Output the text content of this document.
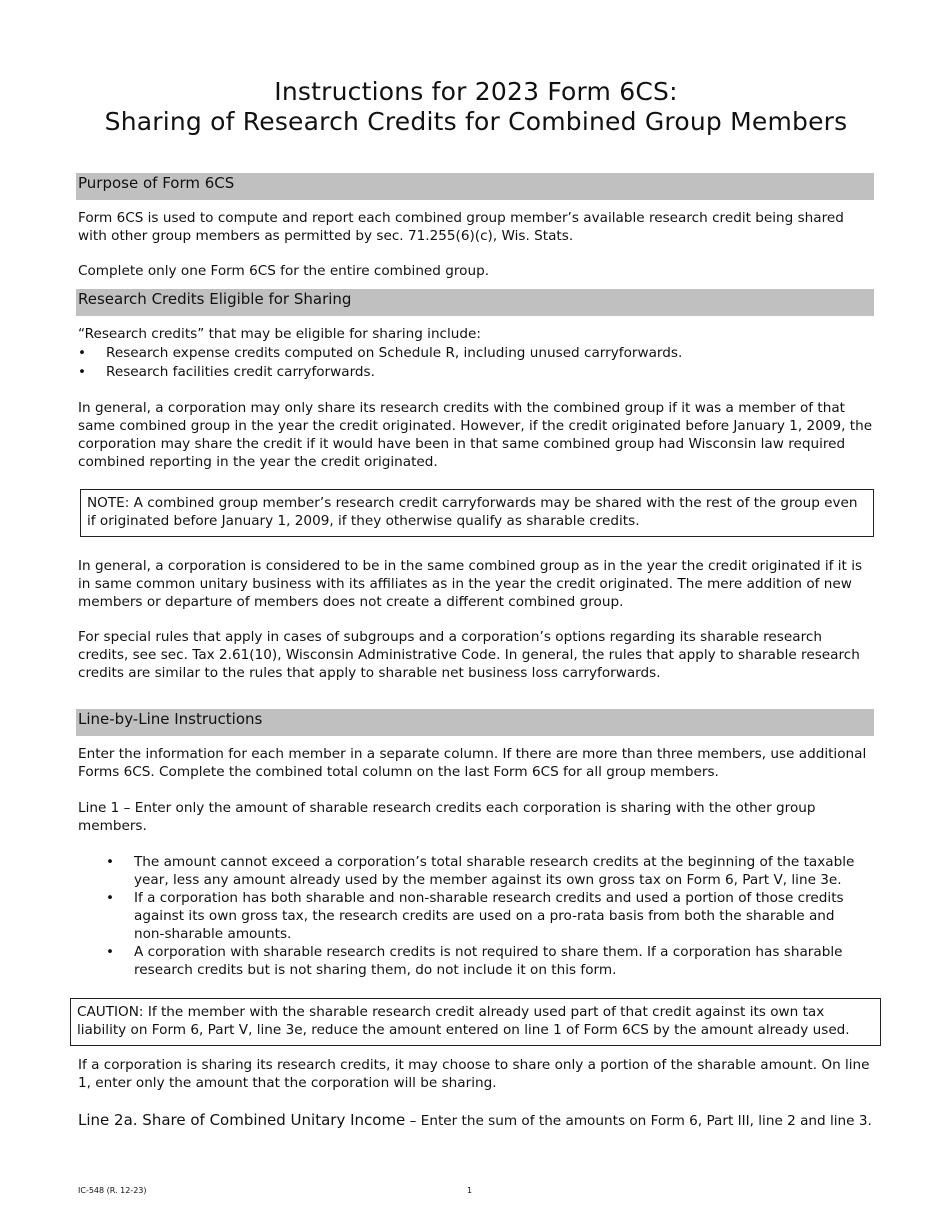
Instructions for 2023 Form 6CS:
Sharing of Research Credits for Combined Group Members
Purpose of Form 6CS

Form 6CS is used to compute and report each combined group member’s available research credit being shared with other group members as permitted by sec. 71.255(6)(c), Wis. Stats.

Complete only one Form 6CS for the entire combined group.

Research Credits Eligible for Sharing

“Research credits” that may be eligible for sharing include:

• Research expense credits computed on Schedule R, including unused carryforwards.
• Research facilities credit carryforwards.

In general, a corporation may only share its research credits with the combined group if it was a member of that same combined group in the year the credit originated. However, if the credit originated before January 1, 2009, the corporation may share the credit if it would have been in that same combined group had Wisconsin law required combined reporting in the year the credit originated.

NOTE: A combined group member’s research credit carryforwards may be shared with the rest of the group even if originated before January 1, 2009, if they otherwise qualify as sharable credits.

In general, a corporation is considered to be in the same combined group as in the year the credit originated if it is in same common unitary business with its affiliates as in the year the credit originated. The mere addition of new members or departure of members does not create a different combined group.

For special rules that apply in cases of subgroups and a corporation’s options regarding its sharable research credits, see sec. Tax 2.61(10), Wisconsin Administrative Code. In general, the rules that apply to sharable research credits are similar to the rules that apply to sharable net business loss carryforwards.

Line-by-Line Instructions

Enter the information for each member in a separate column. If there are more than three members, use additional Forms 6CS. Complete the combined total column on the last Form 6CS for all group members.

Line 1 – Enter only the amount of sharable research credits each corporation is sharing with the other group members.

• The amount cannot exceed a corporation’s total sharable research credits at the beginning of the taxable year, less any amount already used by the member against its own gross tax on Form 6, Part V, line 3e.
• If a corporation has both sharable and non-sharable research credits and used a portion of those credits against its own gross tax, the research credits are used on a pro-rata basis from both the sharable and non-sharable amounts.
• A corporation with sharable research credits is not required to share them. If a corporation has sharable research credits but is not sharing them, do not include it on this form.
CAUTION: If the member with the sharable research credit already used part of that credit against its own tax liability on Form 6, Part V, line 3e, reduce the amount entered on line 1 of Form 6CS by the amount already used.

If a corporation is sharing its research credits, it may choose to share only a portion of the sharable amount. On line 1, enter only the amount that the corporation will be sharing.

Line 2a. Share of Combined Unitary Income – Enter the sum of the amounts on Form 6, Part III, line 2 and line 3.

IC-548 (R. 12-23)	1
